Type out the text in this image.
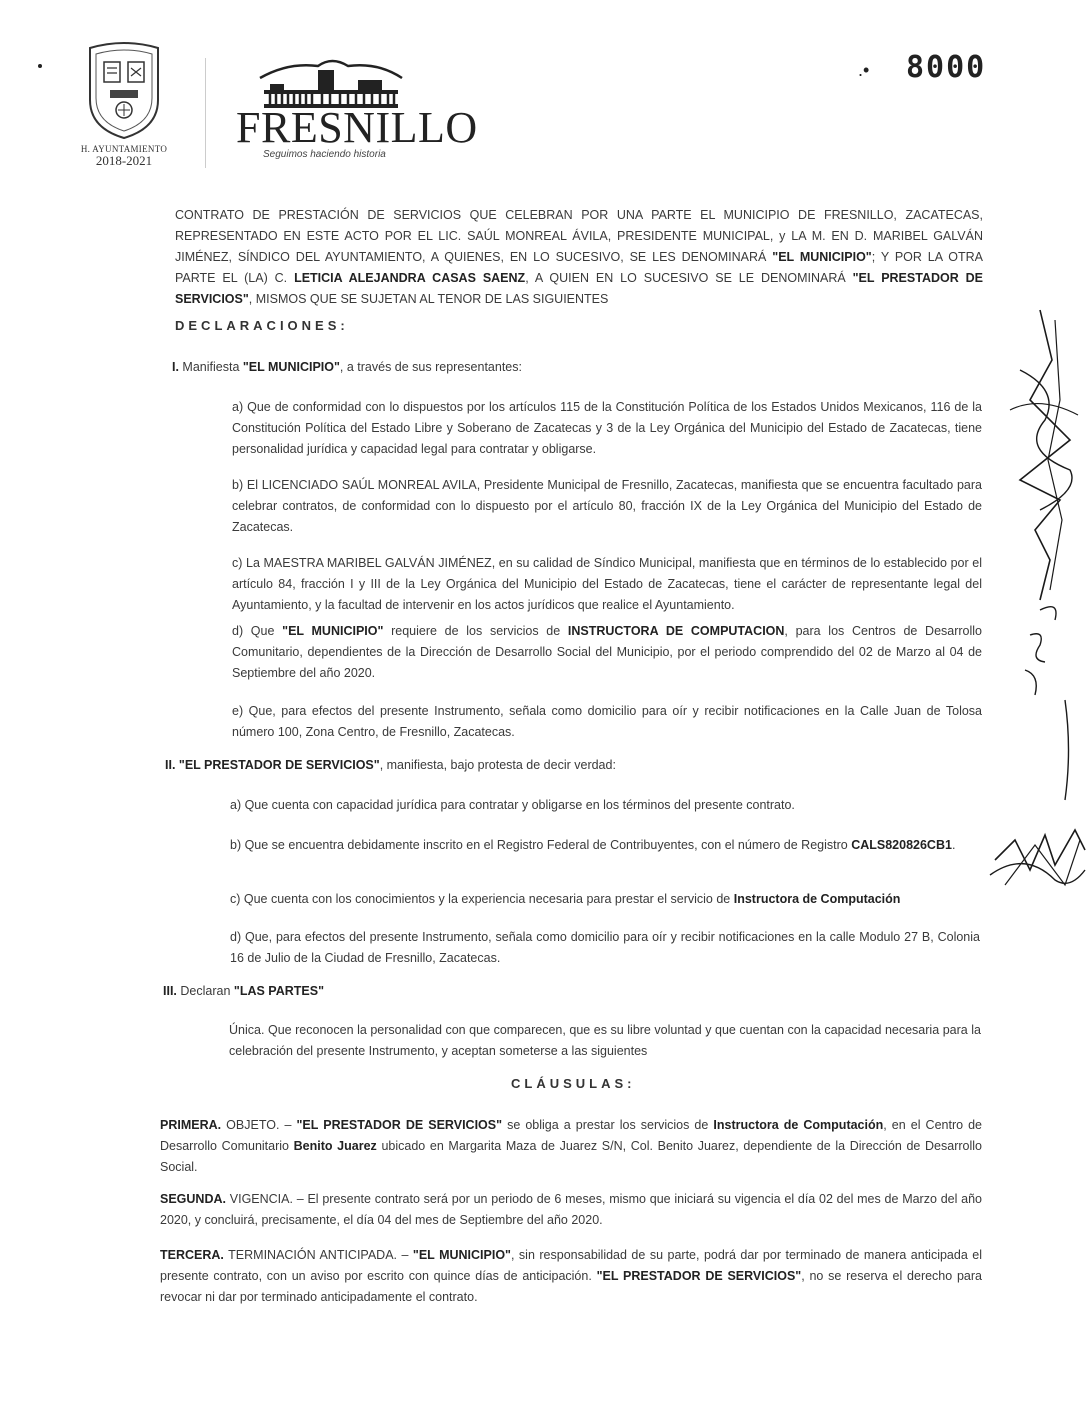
H. AYUNTAMIENTO
2018-2021
FRESNILLO
Seguimos haciendo historia
.• 8000
CONTRATO DE PRESTACIÓN DE SERVICIOS QUE CELEBRAN POR UNA PARTE EL MUNICIPIO DE FRESNILLO, ZACATECAS, REPRESENTADO EN ESTE ACTO POR EL LIC. SAÚL MONREAL ÁVILA, PRESIDENTE MUNICIPAL, y LA M. EN D. MARIBEL GALVÁN JIMÉNEZ, SÍNDICO DEL AYUNTAMIENTO, A QUIENES, EN LO SUCESIVO, SE LES DENOMINARÁ "EL MUNICIPIO"; Y POR LA OTRA PARTE EL (LA) C. LETICIA ALEJANDRA CASAS SAENZ, A QUIEN EN LO SUCESIVO SE LE DENOMINARÁ "EL PRESTADOR DE SERVICIOS", MISMOS QUE SE SUJETAN AL TENOR DE LAS SIGUIENTES
DECLARACIONES:
I. Manifiesta "EL MUNICIPIO", a través de sus representantes:
a) Que de conformidad con lo dispuestos por los artículos 115 de la Constitución Política de los Estados Unidos Mexicanos, 116 de la Constitución Política del Estado Libre y Soberano de Zacatecas y 3 de la Ley Orgánica del Municipio del Estado de Zacatecas, tiene personalidad jurídica y capacidad legal para contratar y obligarse.
b) El LICENCIADO SAÚL MONREAL AVILA, Presidente Municipal de Fresnillo, Zacatecas, manifiesta que se encuentra facultado para celebrar contratos, de conformidad con lo dispuesto por el artículo 80, fracción IX de la Ley Orgánica del Municipio del Estado de Zacatecas.
c) La MAESTRA MARIBEL GALVÁN JIMÉNEZ, en su calidad de Síndico Municipal, manifiesta que en términos de lo establecido por el artículo 84, fracción I y III de la Ley Orgánica del Municipio del Estado de Zacatecas, tiene el carácter de representante legal del Ayuntamiento, y la facultad de intervenir en los actos jurídicos que realice el Ayuntamiento.
d) Que "EL MUNICIPIO" requiere de los servicios de INSTRUCTORA DE COMPUTACION, para los Centros de Desarrollo Comunitario, dependientes de la Dirección de Desarrollo Social del Municipio, por el periodo comprendido del 02 de Marzo al 04 de Septiembre del año 2020.
e) Que, para efectos del presente Instrumento, señala como domicilio para oír y recibir notificaciones en la Calle Juan de Tolosa número 100, Zona Centro, de Fresnillo, Zacatecas.
II. "EL PRESTADOR DE SERVICIOS", manifiesta, bajo protesta de decir verdad:
a) Que cuenta con capacidad jurídica para contratar y obligarse en los términos del presente contrato.
b) Que se encuentra debidamente inscrito en el Registro Federal de Contribuyentes, con el número de Registro CALS820826CB1.
c) Que cuenta con los conocimientos y la experiencia necesaria para prestar el servicio de Instructora de Computación
d) Que, para efectos del presente Instrumento, señala como domicilio para oír y recibir notificaciones en la calle Modulo 27 B, Colonia 16 de Julio de la Ciudad de Fresnillo, Zacatecas.
III. Declaran "LAS PARTES"
Única. Que reconocen la personalidad con que comparecen, que es su libre voluntad y que cuentan con la capacidad necesaria para la celebración del presente Instrumento, y aceptan someterse a las siguientes
CLÁUSULAS:
PRIMERA. OBJETO. – "EL PRESTADOR DE SERVICIOS" se obliga a prestar los servicios de Instructora de Computación, en el Centro de Desarrollo Comunitario Benito Juarez ubicado en Margarita Maza de Juarez S/N, Col. Benito Juarez, dependiente de la Dirección de Desarrollo Social.
SEGUNDA. VIGENCIA. – El presente contrato será por un periodo de 6 meses, mismo que iniciará su vigencia el día 02 del mes de Marzo del año 2020, y concluirá, precisamente, el día 04 del mes de Septiembre del año 2020.
TERCERA. TERMINACIÓN ANTICIPADA. – "EL MUNICIPIO", sin responsabilidad de su parte, podrá dar por terminado de manera anticipada el presente contrato, con un aviso por escrito con quince días de anticipación. "EL PRESTADOR DE SERVICIOS", no se reserva el derecho para revocar ni dar por terminado anticipadamente el contrato.
